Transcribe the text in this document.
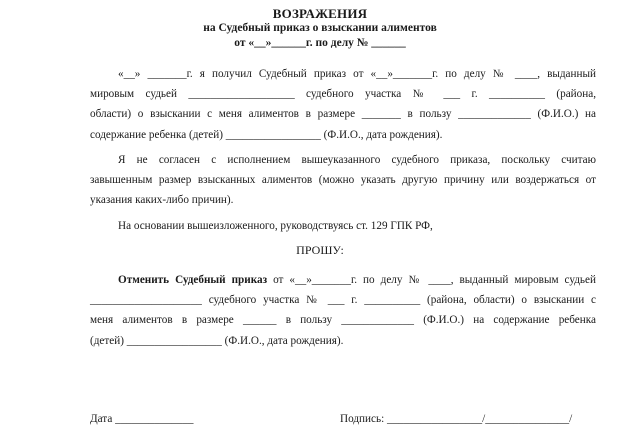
ВОЗРАЖЕНИЯ
на Судебный приказ о взыскании алиментов
от «__»______г. по делу № ______
«__» _______г. я получил Судебный приказ от «__»_______г. по делу № ____, выданный
мировым судьей ___________________ судебного участка № ___ г. __________ (района,
области) о взыскании с меня алиментов в размере _______ в пользу _____________ (Ф.И.О.) на
содержание ребенка (детей) _________________ (Ф.И.О., дата рождения).
Я не согласен с исполнением вышеуказанного судебного приказа, поскольку считаю
завышенным размер взысканных алиментов (можно указать другую причину или воздержаться от
указания каких-либо причин).
На основании вышеизложенного, руководствуясь ст. 129 ГПК РФ,
ПРОШУ:
Отменить Судебный приказ от «__»_______г. по делу № ____, выданный мировым судьей
____________________ судебного участка № ___ г. __________ (района, области) о взыскании с
меня алиментов в размере ______ в пользу _____________ (Ф.И.О.) на содержание ребенка
(детей) _________________ (Ф.И.О., дата рождения).
Дата ______________	Подпись: _________________/_______________/
